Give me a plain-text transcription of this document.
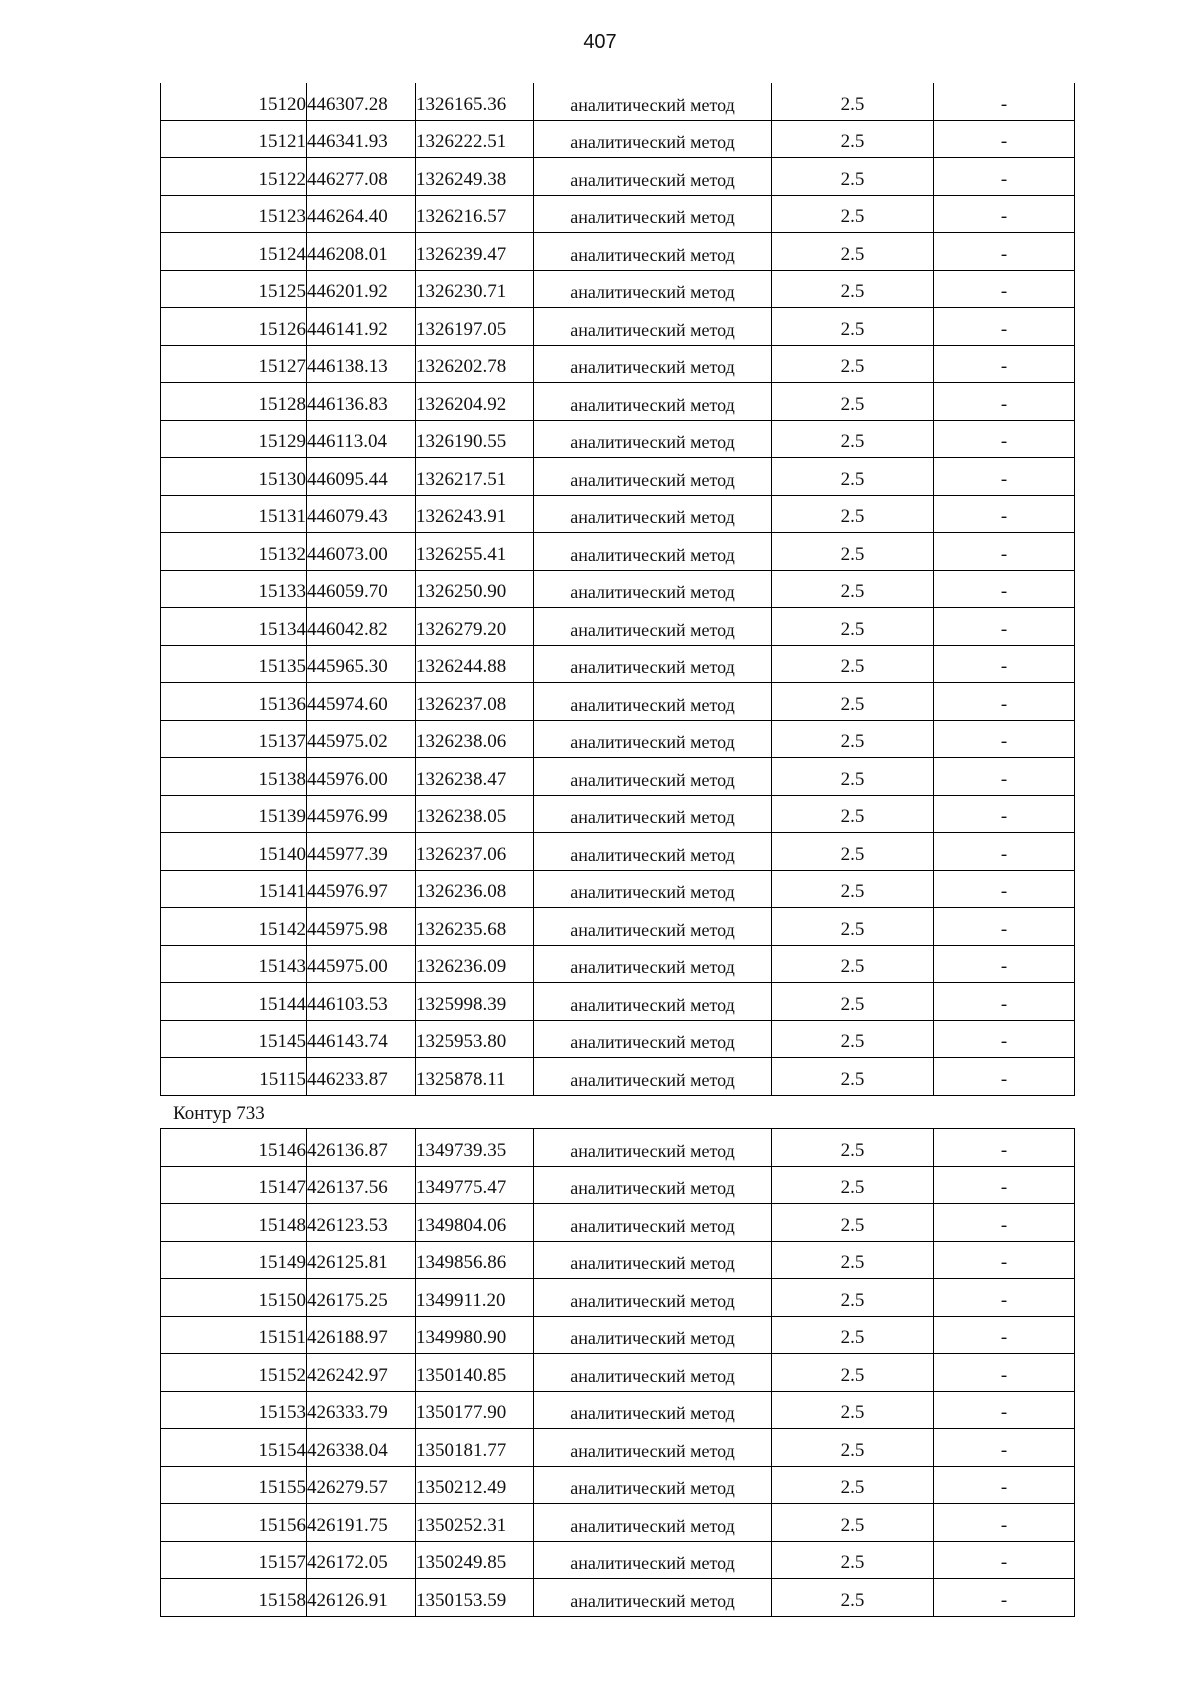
407
15120	446307.28	1326165.36	аналитический метод	2.5	-
15121	446341.93	1326222.51	аналитический метод	2.5	-
15122	446277.08	1326249.38	аналитический метод	2.5	-
15123	446264.40	1326216.57	аналитический метод	2.5	-
15124	446208.01	1326239.47	аналитический метод	2.5	-
15125	446201.92	1326230.71	аналитический метод	2.5	-
15126	446141.92	1326197.05	аналитический метод	2.5	-
15127	446138.13	1326202.78	аналитический метод	2.5	-
15128	446136.83	1326204.92	аналитический метод	2.5	-
15129	446113.04	1326190.55	аналитический метод	2.5	-
15130	446095.44	1326217.51	аналитический метод	2.5	-
15131	446079.43	1326243.91	аналитический метод	2.5	-
15132	446073.00	1326255.41	аналитический метод	2.5	-
15133	446059.70	1326250.90	аналитический метод	2.5	-
15134	446042.82	1326279.20	аналитический метод	2.5	-
15135	445965.30	1326244.88	аналитический метод	2.5	-
15136	445974.60	1326237.08	аналитический метод	2.5	-
15137	445975.02	1326238.06	аналитический метод	2.5	-
15138	445976.00	1326238.47	аналитический метод	2.5	-
15139	445976.99	1326238.05	аналитический метод	2.5	-
15140	445977.39	1326237.06	аналитический метод	2.5	-
15141	445976.97	1326236.08	аналитический метод	2.5	-
15142	445975.98	1326235.68	аналитический метод	2.5	-
15143	445975.00	1326236.09	аналитический метод	2.5	-
15144	446103.53	1325998.39	аналитический метод	2.5	-
15145	446143.74	1325953.80	аналитический метод	2.5	-
15115	446233.87	1325878.11	аналитический метод	2.5	-
Контур 733
15146	426136.87	1349739.35	аналитический метод	2.5	-
15147	426137.56	1349775.47	аналитический метод	2.5	-
15148	426123.53	1349804.06	аналитический метод	2.5	-
15149	426125.81	1349856.86	аналитический метод	2.5	-
15150	426175.25	1349911.20	аналитический метод	2.5	-
15151	426188.97	1349980.90	аналитический метод	2.5	-
15152	426242.97	1350140.85	аналитический метод	2.5	-
15153	426333.79	1350177.90	аналитический метод	2.5	-
15154	426338.04	1350181.77	аналитический метод	2.5	-
15155	426279.57	1350212.49	аналитический метод	2.5	-
15156	426191.75	1350252.31	аналитический метод	2.5	-
15157	426172.05	1350249.85	аналитический метод	2.5	-
15158	426126.91	1350153.59	аналитический метод	2.5	-
